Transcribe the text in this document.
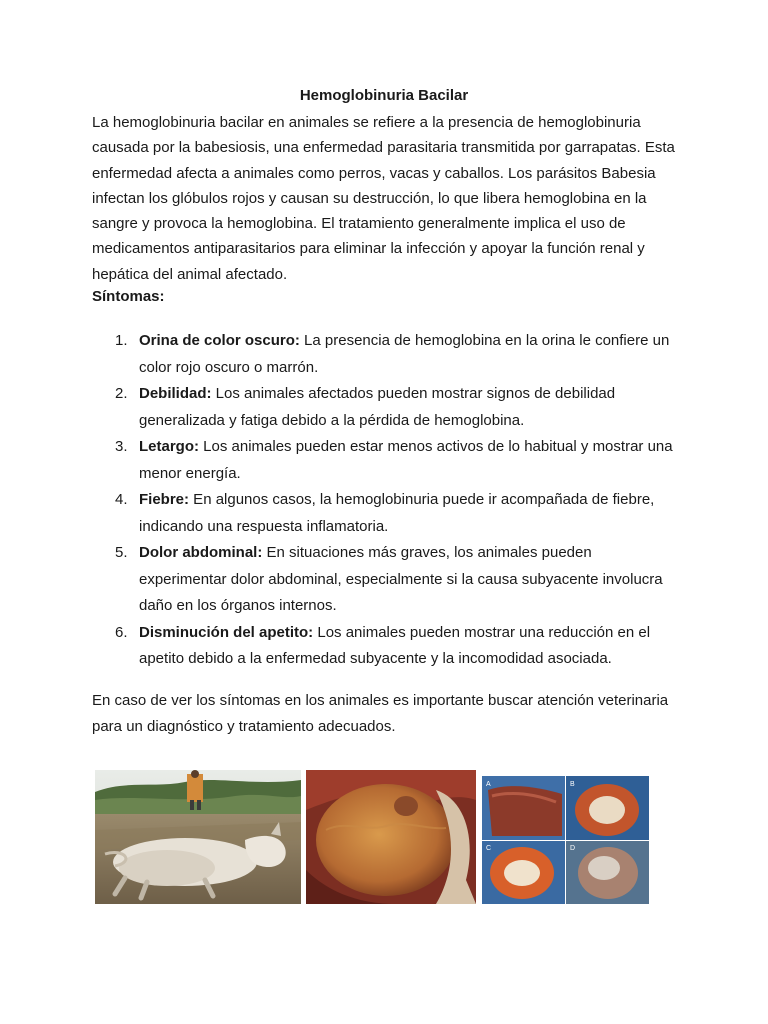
Hemoglobinuria Bacilar

La hemoglobinuria bacilar en animales se refiere a la presencia de hemoglobinuria causada por la babesiosis, una enfermedad parasitaria transmitida por garrapatas. Esta enfermedad afecta a animales como perros, vacas y caballos. Los parásitos Babesia infectan los glóbulos rojos y causan su destrucción, lo que libera hemoglobina en la sangre y provoca la hemoglobina. El tratamiento generalmente implica el uso de medicamentos antiparasitarios para eliminar la infección y apoyar la función renal y hepática del animal afectado.

Síntomas:
1. Orina de color oscuro: La presencia de hemoglobina en la orina le confiere un color rojo oscuro o marrón.
2. Debilidad: Los animales afectados pueden mostrar signos de debilidad generalizada y fatiga debido a la pérdida de hemoglobina.
3. Letargo: Los animales pueden estar menos activos de lo habitual y mostrar una menor energía.
4. Fiebre: En algunos casos, la hemoglobinuria puede ir acompañada de fiebre, indicando una respuesta inflamatoria.
5. Dolor abdominal: En situaciones más graves, los animales pueden experimentar dolor abdominal, especialmente si la causa subyacente involucra daño en los órganos internos.
6. Disminución del apetito: Los animales pueden mostrar una reducción en el apetito debido a la enfermedad subyacente y la incomodidad asociada.

En caso de ver los síntomas en los animales es importante buscar atención veterinaria para un diagnóstico y tratamiento adecuados.

A	B
C	D
